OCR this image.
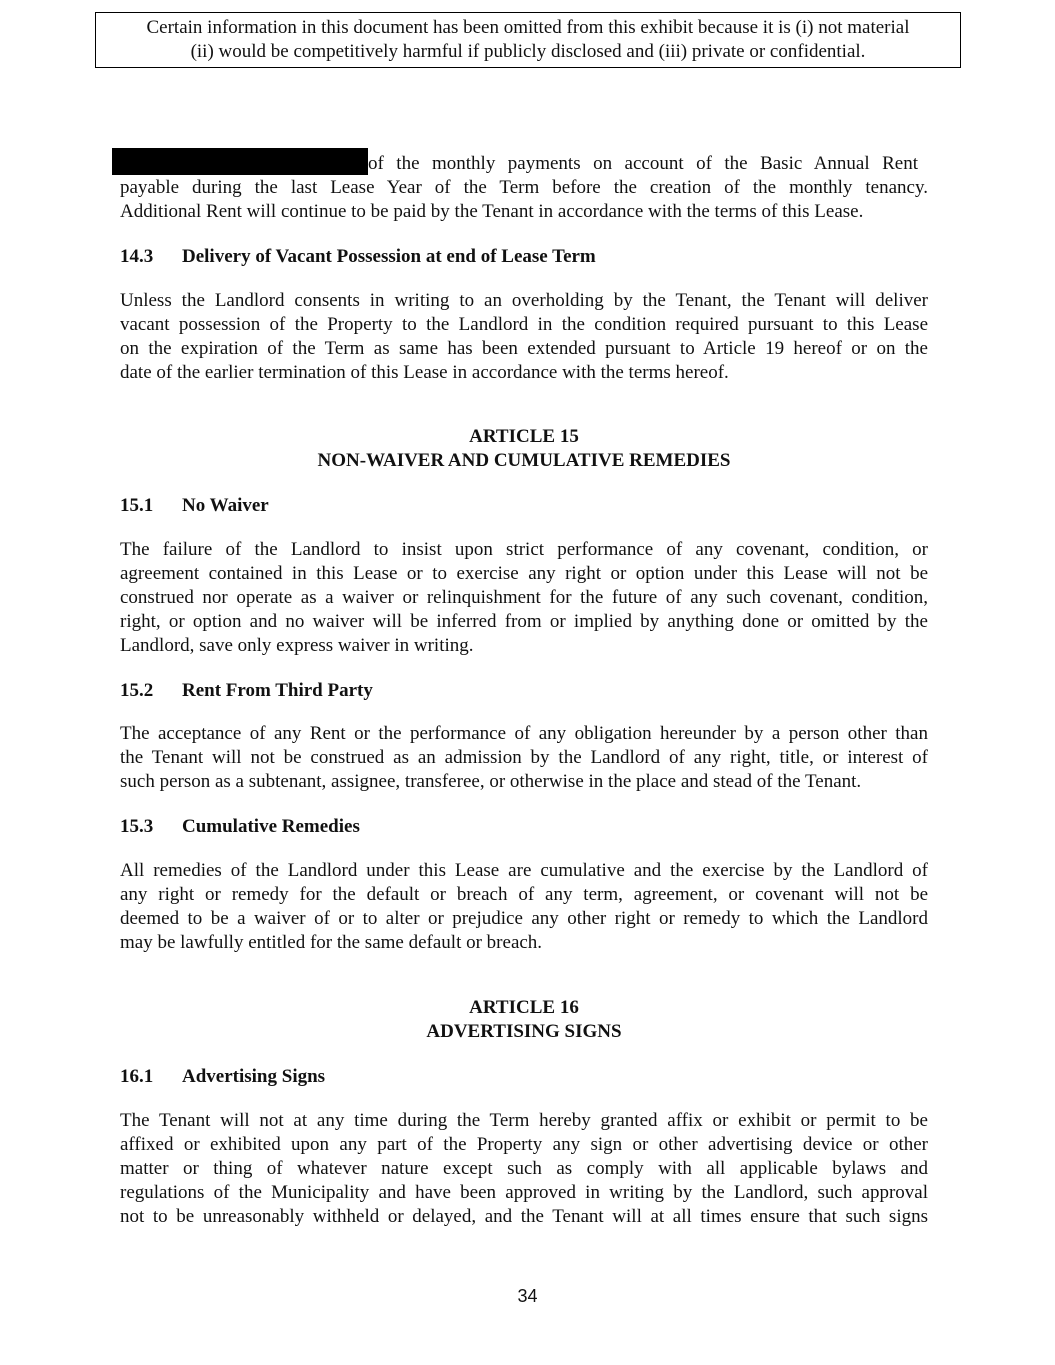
Certain information in this document has been omitted from this exhibit because it is (i) not material
(ii) would be competitively harmful if publicly disclosed and (iii) private or confidential.
of the monthly payments on account of the Basic Annual Rent
payable during the last Lease Year of the Term before the creation of the monthly tenancy.
Additional Rent will continue to be paid by the Tenant in accordance with the terms of this Lease.
14.3 Delivery of Vacant Possession at end of Lease Term
Unless the Landlord consents in writing to an overholding by the Tenant, the Tenant will deliver
vacant possession of the Property to the Landlord in the condition required pursuant to this Lease
on the expiration of the Term as same has been extended pursuant to Article 19 hereof or on the
date of the earlier termination of this Lease in accordance with the terms hereof.
ARTICLE 15
NON-WAIVER AND CUMULATIVE REMEDIES
15.1 No Waiver
The failure of the Landlord to insist upon strict performance of any covenant, condition, or
agreement contained in this Lease or to exercise any right or option under this Lease will not be
construed nor operate as a waiver or relinquishment for the future of any such covenant, condition,
right, or option and no waiver will be inferred from or implied by anything done or omitted by the
Landlord, save only express waiver in writing.
15.2 Rent From Third Party
The acceptance of any Rent or the performance of any obligation hereunder by a person other than
the Tenant will not be construed as an admission by the Landlord of any right, title, or interest of
such person as a subtenant, assignee, transferee, or otherwise in the place and stead of the Tenant.
15.3 Cumulative Remedies
All remedies of the Landlord under this Lease are cumulative and the exercise by the Landlord of
any right or remedy for the default or breach of any term, agreement, or covenant will not be
deemed to be a waiver of or to alter or prejudice any other right or remedy to which the Landlord
may be lawfully entitled for the same default or breach.
ARTICLE 16
ADVERTISING SIGNS
16.1 Advertising Signs
The Tenant will not at any time during the Term hereby granted affix or exhibit or permit to be
affixed or exhibited upon any part of the Property any sign or other advertising device or other
matter or thing of whatever nature except such as comply with all applicable bylaws and
regulations of the Municipality and have been approved in writing by the Landlord, such approval
not to be unreasonably withheld or delayed, and the Tenant will at all times ensure that such signs
34
